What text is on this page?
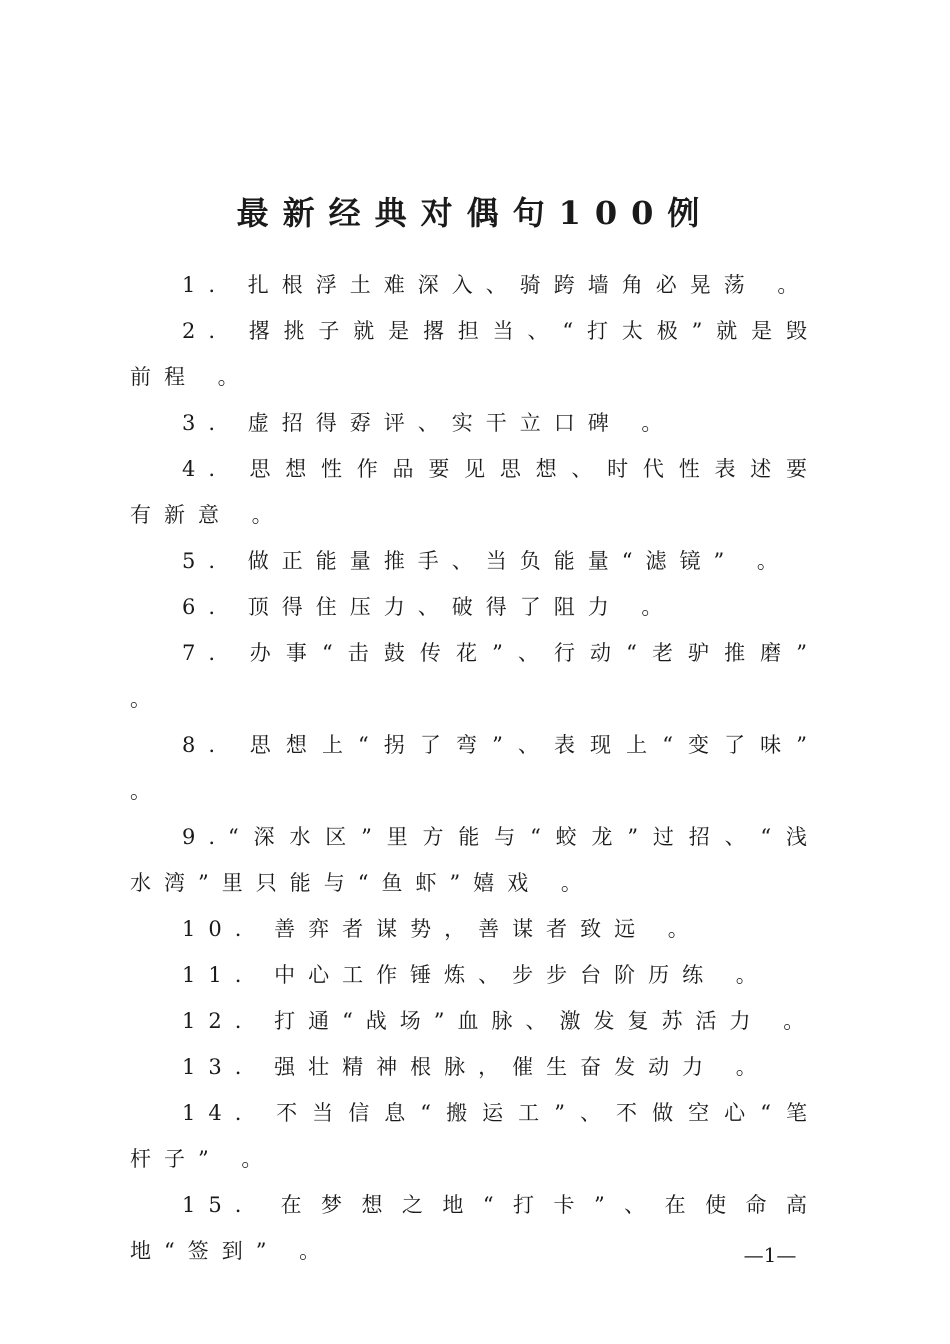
最新经典对偶句100例

1. 扎根浮土难深入、骑跨墙角必晃荡 。

2. 撂挑子就是撂担当、“打太极”就是毁前程 。

3. 虚招得孬评、实干立口碑 。

4. 思想性作品要见思想、时代性表述要有新意 。

5. 做正能量推手、当负能量“滤镜” 。

6. 顶得住压力、破得了阻力 。

7. 办事“击鼓传花”、行动“老驴推磨” 。

8. 思想上“拐了弯”、表现上“变了味” 。

9.“深水区”里方能与“蛟龙”过招、“浅水湾”里只能与“鱼虾”嬉戏 。

10. 善弈者谋势，善谋者致远 。

11. 中心工作锤炼、步步台阶历练 。

12. 打通“战场”血脉、激发复苏活力 。

13. 强壮精神根脉，催生奋发动力 。

14. 不当信息“搬运工”、不做空心“笔杆子” 。

15. 在梦想之地“打卡”、在使命高地“签到” 。	—1—
